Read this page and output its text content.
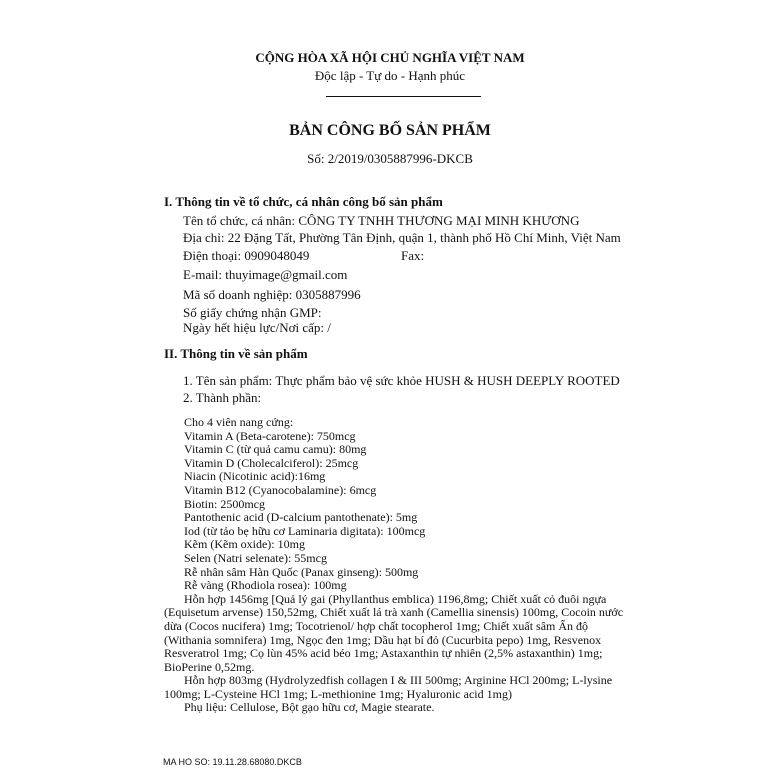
CỘNG HÒA XÃ HỘI CHỦ NGHĨA VIỆT NAM
Độc lập - Tự do - Hạnh phúc
BẢN CÔNG BỐ SẢN PHẨM
Số: 2/2019/0305887996-DKCB
I. Thông tin về tổ chức, cá nhân công bố sản phẩm
Tên tổ chức, cá nhân: CÔNG TY TNHH THƯƠNG MẠI MINH KHƯƠNG
Địa chỉ: 22 Đặng Tất, Phường Tân Định, quận 1, thành phố Hồ Chí Minh, Việt Nam
Điện thoại: 0909048049	Fax:
E-mail: thuyimage@gmail.com
Mã số doanh nghiệp: 0305887996
Số giấy chứng nhận GMP:
Ngày hết hiệu lực/Nơi cấp: /
II. Thông tin về sản phẩm
1. Tên sản phẩm: Thực phẩm bảo vệ sức khỏe HUSH & HUSH DEEPLY ROOTED
2. Thành phần:
Cho 4 viên nang cứng:
Vitamin A (Beta-carotene): 750mcg
Vitamin C (từ quả camu camu): 80mg
Vitamin D (Cholecalciferol): 25mcg
Niacin (Nicotinic acid):16mg
Vitamin B12 (Cyanocobalamine): 6mcg
Biotin: 2500mcg
Pantothenic acid (D-calcium pantothenate): 5mg
Iod (từ tảo bẹ hữu cơ Laminaria digitata): 100mcg
Kẽm (Kẽm oxide): 10mg
Selen (Natri selenate): 55mcg
Rễ nhân sâm Hàn Quốc (Panax ginseng): 500mg
Rễ vàng (Rhodiola rosea): 100mg
Hỗn hợp 1456mg [Quả lý gai (Phyllanthus emblica) 1196,8mg; Chiết xuất cỏ đuôi ngựa
(Equisetum arvense) 150,52mg, Chiết xuất lá trà xanh (Camellia sinensis) 100mg, Cocoin nước
dừa (Cocos nucifera) 1mg; Tocotrienol/ hợp chất tocopherol 1mg; Chiết xuất sâm Ấn độ
(Withania somnifera) 1mg, Ngọc đen 1mg; Dầu hạt bí đỏ (Cucurbita pepo) 1mg, Resvenox
Resveratrol 1mg; Cọ lùn 45% acid béo 1mg; Astaxanthin tự nhiên (2,5% astaxanthin) 1mg;
BioPerine 0,52mg.
Hỗn hợp 803mg (Hydrolyzedfish collagen I & III 500mg; Arginine HCl 200mg; L-lysine
100mg; L-Cysteine HCl 1mg; L-methionine 1mg; Hyaluronic acid 1mg)
Phụ liệu: Cellulose, Bột gạo hữu cơ, Magie stearate.
MA HO SO: 19.11.28.68080.DKCB
